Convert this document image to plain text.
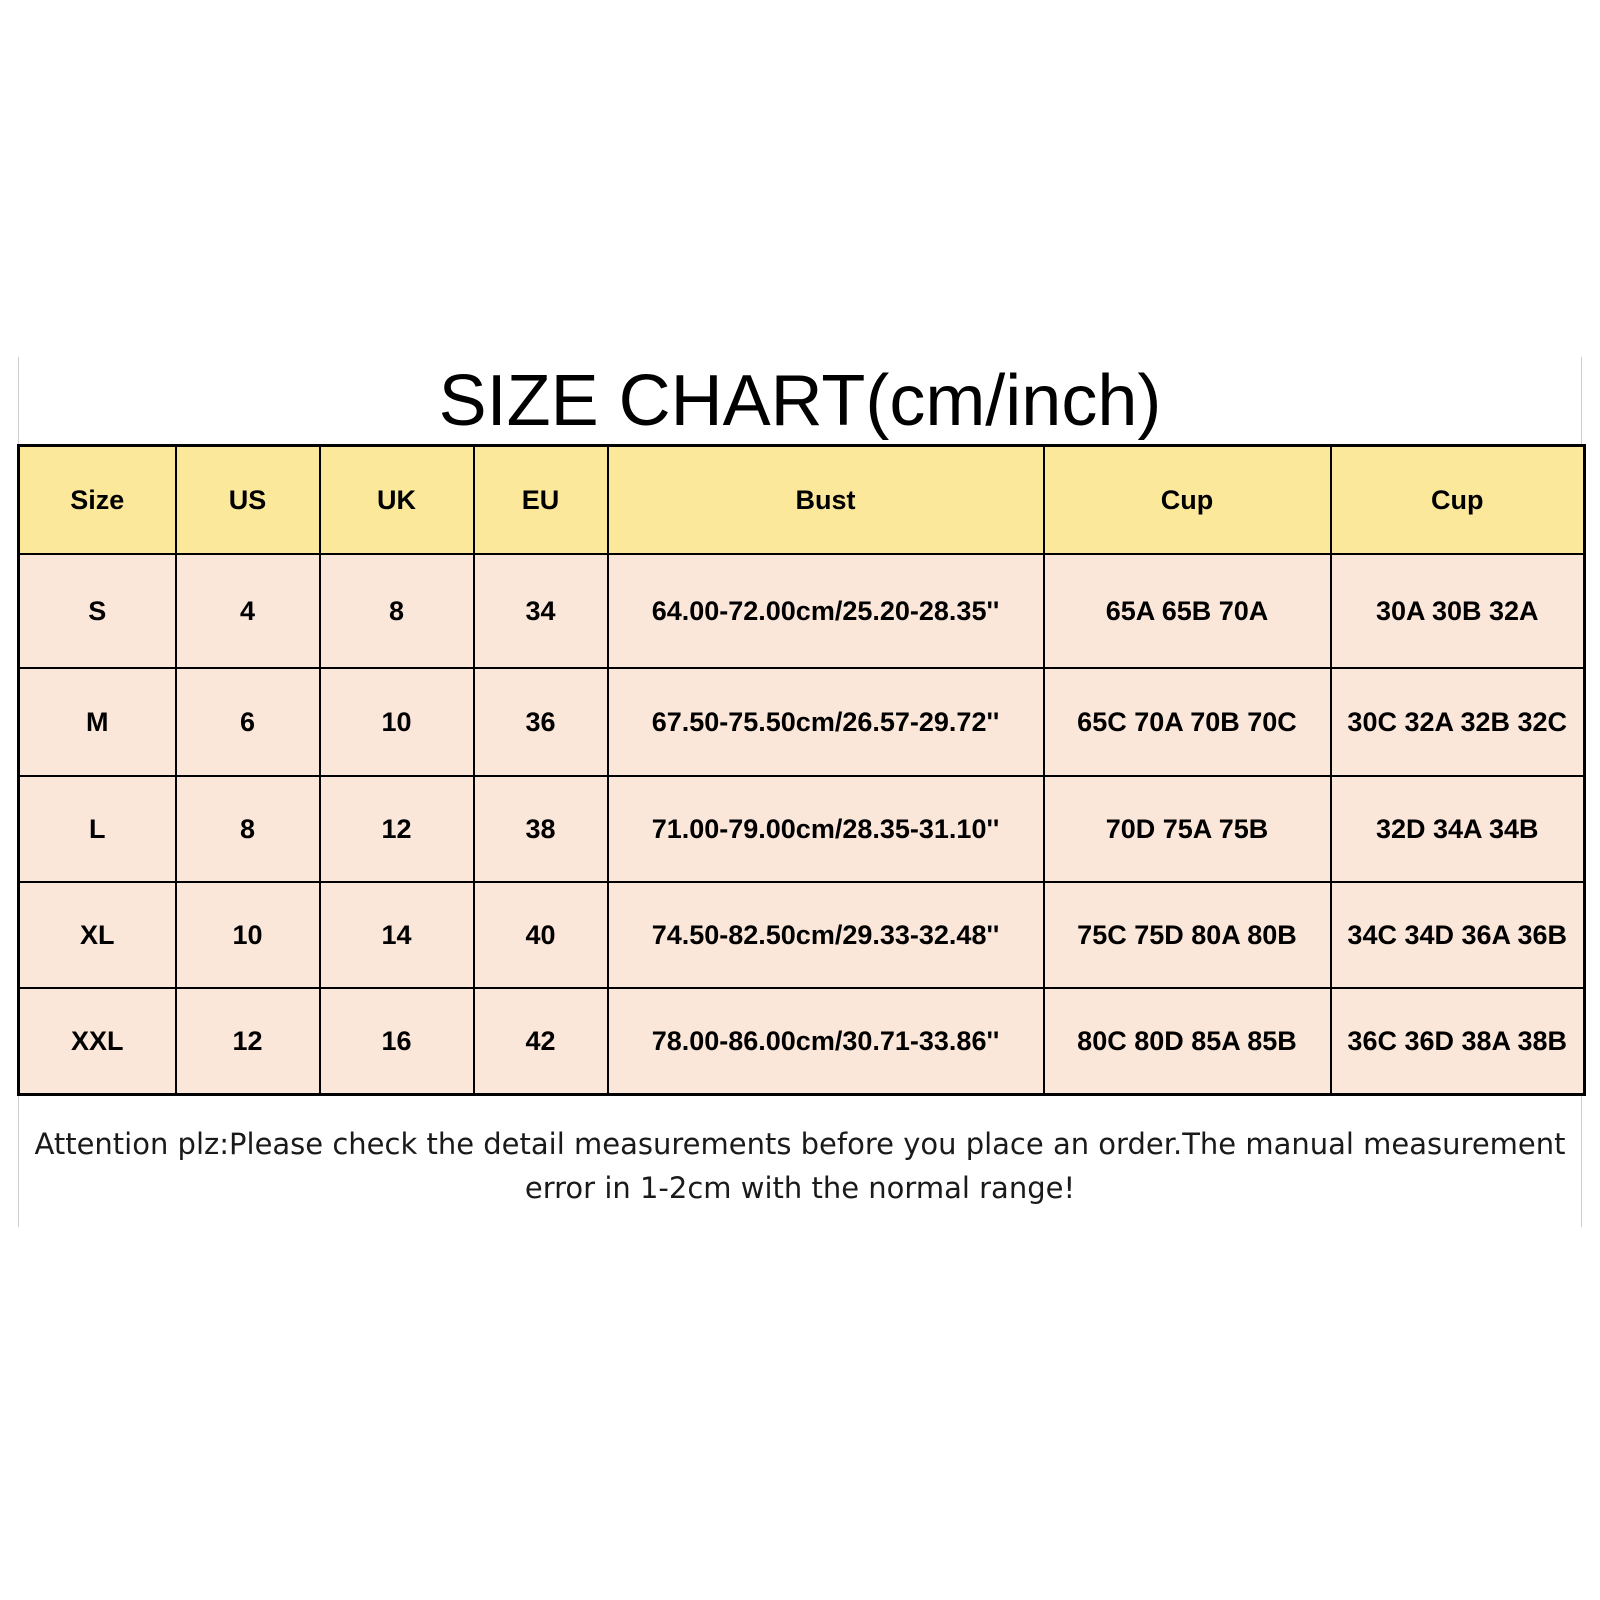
SIZE CHART(cm/inch)
Size	US	UK	EU	Bust	Cup	Cup
S	4	8	34	64.00-72.00cm/25.20-28.35''	65A 65B 70A	30A 30B 32A
M	6	10	36	67.50-75.50cm/26.57-29.72''	65C 70A 70B 70C	30C 32A 32B 32C
L	8	12	38	71.00-79.00cm/28.35-31.10''	70D 75A 75B	32D 34A 34B
XL	10	14	40	74.50-82.50cm/29.33-32.48''	75C 75D 80A 80B	34C 34D 36A 36B
XXL	12	16	42	78.00-86.00cm/30.71-33.86''	80C 80D 85A 85B	36C 36D 38A 38B
Attention plz:Please check the detail measurements before you place an order.The manual measurement
error in 1-2cm with the normal range!
